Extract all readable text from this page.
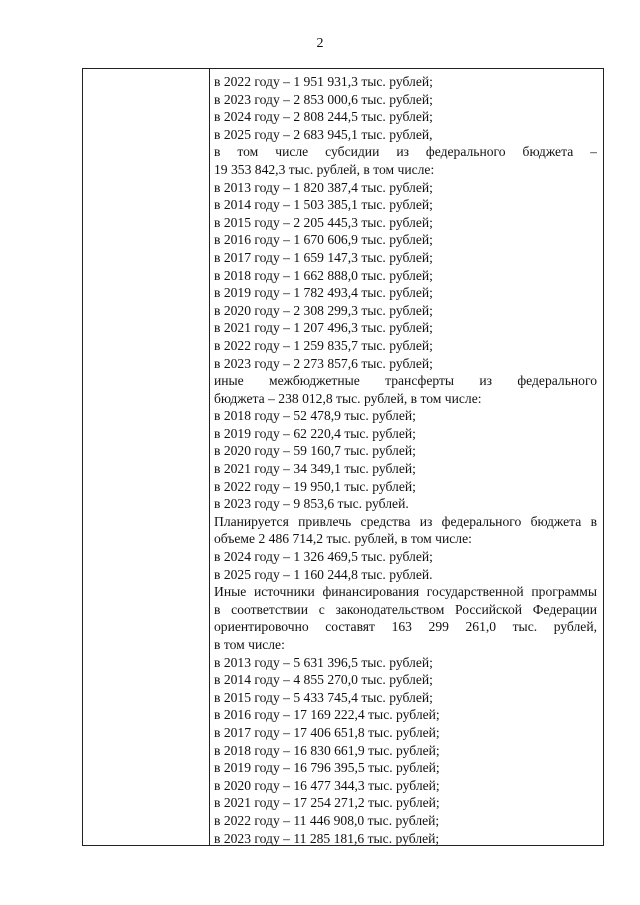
2
в 2022 году – 1 951 931,3 тыс. рублей;
в 2023 году – 2 853 000,6 тыс. рублей;
в 2024 году – 2 808 244,5 тыс. рублей;
в 2025 году – 2 683 945,1 тыс. рублей,
в том числе субсидии из федерального бюджета –
19 353 842,3 тыс. рублей, в том числе:
в 2013 году – 1 820 387,4 тыс. рублей;
в 2014 году – 1 503 385,1 тыс. рублей;
в 2015 году – 2 205 445,3 тыс. рублей;
в 2016 году – 1 670 606,9 тыс. рублей;
в 2017 году – 1 659 147,3 тыс. рублей;
в 2018 году – 1 662 888,0 тыс. рублей;
в 2019 году – 1 782 493,4 тыс. рублей;
в 2020 году – 2 308 299,3 тыс. рублей;
в 2021 году – 1 207 496,3 тыс. рублей;
в 2022 году – 1 259 835,7 тыс. рублей;
в 2023 году – 2 273 857,6 тыс. рублей;
иные межбюджетные трансферты из федерального
бюджета – 238 012,8 тыс. рублей, в том числе:
в 2018 году – 52 478,9 тыс. рублей;
в 2019 году – 62 220,4 тыс. рублей;
в 2020 году – 59 160,7 тыс. рублей;
в 2021 году – 34 349,1 тыс. рублей;
в 2022 году – 19 950,1 тыс. рублей;
в 2023 году – 9 853,6 тыс. рублей.
Планируется привлечь средства из федерального бюджета в
объеме 2 486 714,2 тыс. рублей, в том числе:
в 2024 году – 1 326 469,5 тыс. рублей;
в 2025 году – 1 160 244,8 тыс. рублей.
Иные источники финансирования государственной программы
в соответствии с законодательством Российской Федерации
ориентировочно составят 163 299 261,0 тыс. рублей,
в том числе:
в 2013 году – 5 631 396,5 тыс. рублей;
в 2014 году – 4 855 270,0 тыс. рублей;
в 2015 году – 5 433 745,4 тыс. рублей;
в 2016 году – 17 169 222,4 тыс. рублей;
в 2017 году – 17 406 651,8 тыс. рублей;
в 2018 году – 16 830 661,9 тыс. рублей;
в 2019 году – 16 796 395,5 тыс. рублей;
в 2020 году – 16 477 344,3 тыс. рублей;
в 2021 году – 17 254 271,2 тыс. рублей;
в 2022 году – 11 446 908,0 тыс. рублей;
в 2023 году – 11 285 181,6 тыс. рублей;
